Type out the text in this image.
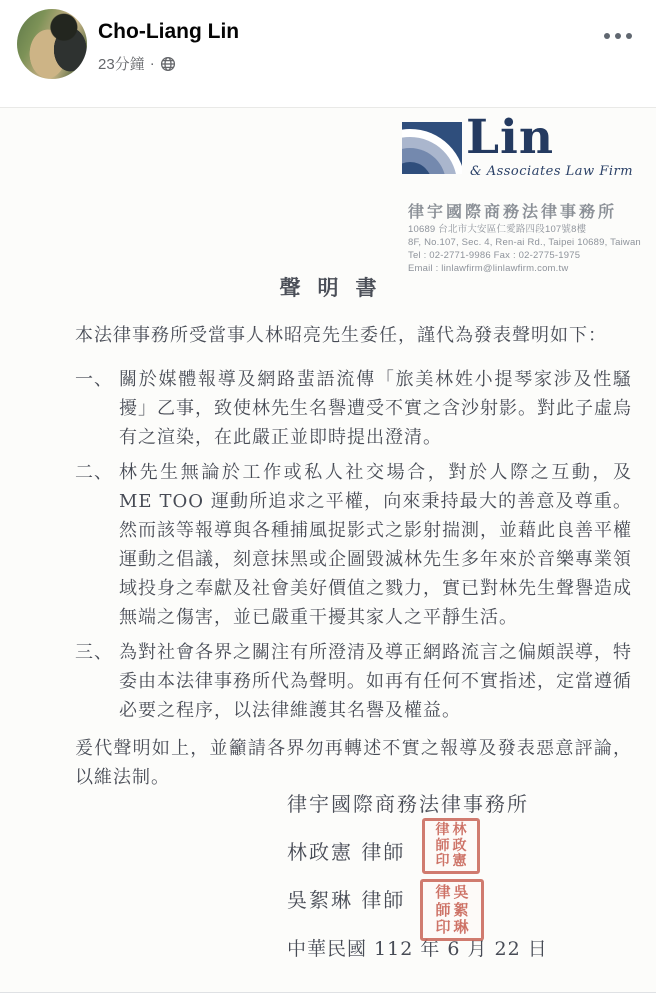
Cho-Liang Lin
23分鐘 ·
Lin
& Associates Law Firm
律宇國際商務法律事務所
10689 台北市大安區仁愛路四段107號8樓
8F, No.107, Sec. 4, Ren-ai Rd., Taipei 10689, Taiwan
Tel : 02-2771-9986 Fax : 02-2775-1975
Email : linlawfirm@linlawfirm.com.tw
聲明書
本法律事務所受當事人林昭亮先生委任，謹代為發表聲明如下：
一、 關於媒體報導及網路蜚語流傳「旅美林姓小提琴家涉及性騷擾」乙事，致使林先生名譽遭受不實之含沙射影。對此子虛烏有之渲染，在此嚴正並即時提出澄清。
二、 林先生無論於工作或私人社交場合，對於人際之互動，及 ME TOO 運動所追求之平權，向來秉持最大的善意及尊重。然而該等報導與各種捕風捉影式之影射揣測，並藉此良善平權運動之倡議，刻意抹黑或企圖毀滅林先生多年來於音樂專業領域投身之奉獻及社會美好價值之戮力，實已對林先生聲譽造成無端之傷害，並已嚴重干擾其家人之平靜生活。
三、 為對社會各界之關注有所澄清及導正網路流言之偏頗誤導，特委由本法律事務所代為聲明。如再有任何不實指述，定當遵循必要之程序，以法律維護其名譽及權益。
爰代聲明如上，並籲請各界勿再轉述不實之報導及發表惡意評論，以維法制。
律宇國際商務法律事務所
林政憲 律師
吳絮琳 律師
中華民國 112 年 6 月 22 日
林
政
憲
律
師
印
吳
絮
琳
律
師
印
